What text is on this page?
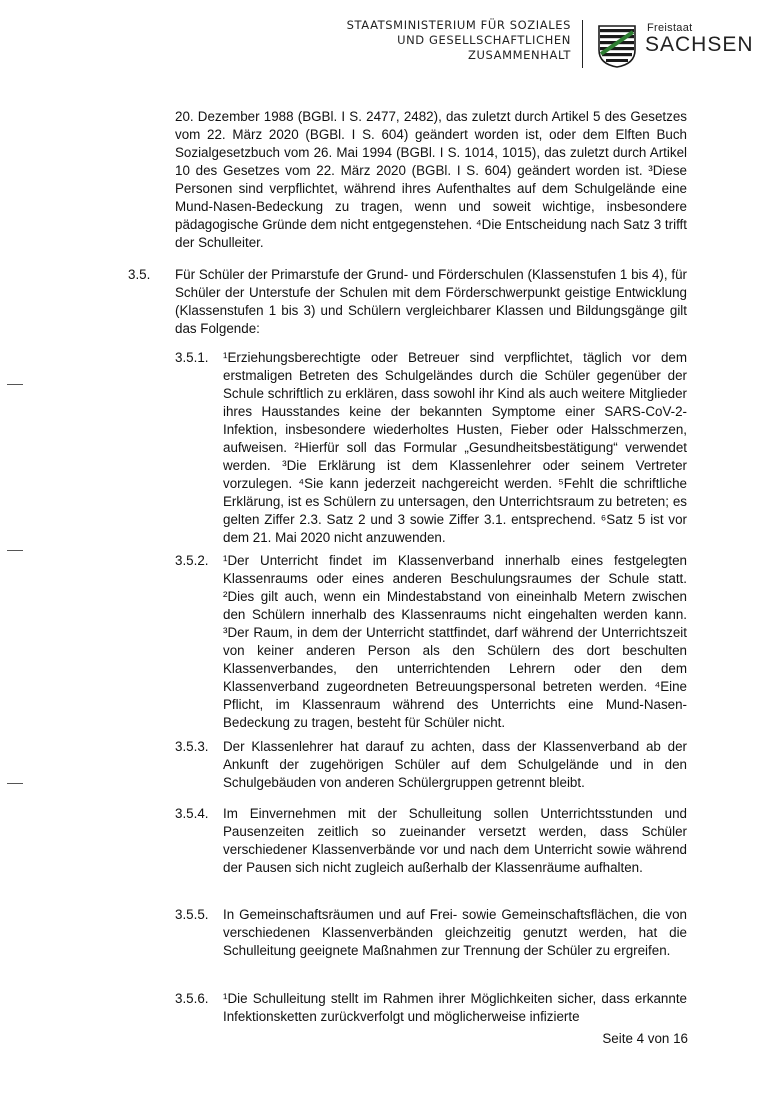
STAATSMINISTERIUM FÜR SOZIALES
UND GESELLSCHAFTLICHEN
ZUSAMMENHALT
Freistaat
SACHSEN

20. Dezember 1988 (BGBl. I S. 2477, 2482), das zuletzt durch Artikel 5 des Gesetzes vom 22. März 2020 (BGBl. I S. 604) geändert worden ist, oder dem Elften Buch Sozialgesetzbuch vom 26. Mai 1994 (BGBl. I S. 1014, 1015), das zuletzt durch Artikel 10 des Gesetzes vom 22. März 2020 (BGBl. I S. 604) geändert worden ist. ³Diese Personen sind verpflichtet, während ihres Aufenthaltes auf dem Schulgelände eine Mund-Nasen-Bedeckung zu tragen, wenn und soweit wichtige, insbesondere pädagogische Gründe dem nicht entgegenstehen. ⁴Die Entscheidung nach Satz 3 trifft der Schulleiter.

3.5. Für Schüler der Primarstufe der Grund- und Förderschulen (Klassenstufen 1 bis 4), für Schüler der Unterstufe der Schulen mit dem Förderschwerpunkt geistige Entwicklung (Klassenstufen 1 bis 3) und Schülern vergleichbarer Klassen und Bildungsgänge gilt das Folgende:

3.5.1. ¹Erziehungsberechtigte oder Betreuer sind verpflichtet, täglich vor dem erstmaligen Betreten des Schulgeländes durch die Schüler gegenüber der Schule schriftlich zu erklären, dass sowohl ihr Kind als auch weitere Mitglieder ihres Hausstandes keine der bekannten Symptome einer SARS-CoV-2-Infektion, insbesondere wiederholtes Husten, Fieber oder Halsschmerzen, aufweisen. ²Hierfür soll das Formular „Gesundheitsbestätigung“ verwendet werden. ³Die Erklärung ist dem Klassenlehrer oder seinem Vertreter vorzulegen. ⁴Sie kann jederzeit nachgereicht werden. ⁵Fehlt die schriftliche Erklärung, ist es Schülern zu untersagen, den Unterrichtsraum zu betreten; es gelten Ziffer 2.3. Satz 2 und 3 sowie Ziffer 3.1. entsprechend. ⁶Satz 5 ist vor dem 21. Mai 2020 nicht anzuwenden.

3.5.2. ¹Der Unterricht findet im Klassenverband innerhalb eines festgelegten Klassenraums oder eines anderen Beschulungsraumes der Schule statt. ²Dies gilt auch, wenn ein Mindestabstand von eineinhalb Metern zwischen den Schülern innerhalb des Klassenraums nicht eingehalten werden kann. ³Der Raum, in dem der Unterricht stattfindet, darf während der Unterrichtszeit von keiner anderen Person als den Schülern des dort beschulten Klassenverbandes, den unterrichtenden Lehrern oder den dem Klassenverband zugeordneten Betreuungspersonal betreten werden. ⁴Eine Pflicht, im Klassenraum während des Unterrichts eine Mund-Nasen-Bedeckung zu tragen, besteht für Schüler nicht.

3.5.3. Der Klassenlehrer hat darauf zu achten, dass der Klassenverband ab der Ankunft der zugehörigen Schüler auf dem Schulgelände und in den Schulgebäuden von anderen Schülergruppen getrennt bleibt.

3.5.4. Im Einvernehmen mit der Schulleitung sollen Unterrichtsstunden und Pausenzeiten zeitlich so zueinander versetzt werden, dass Schüler verschiedener Klassenverbände vor und nach dem Unterricht sowie während der Pausen sich nicht zugleich außerhalb der Klassenräume aufhalten.

3.5.5. In Gemeinschaftsräumen und auf Frei- sowie Gemeinschaftsflächen, die von verschiedenen Klassenverbänden gleichzeitig genutzt werden, hat die Schulleitung geeignete Maßnahmen zur Trennung der Schüler zu ergreifen.

3.5.6. ¹Die Schulleitung stellt im Rahmen ihrer Möglichkeiten sicher, dass erkannte Infektionsketten zurückverfolgt und möglicherweise infizierte

Seite 4 von 16
